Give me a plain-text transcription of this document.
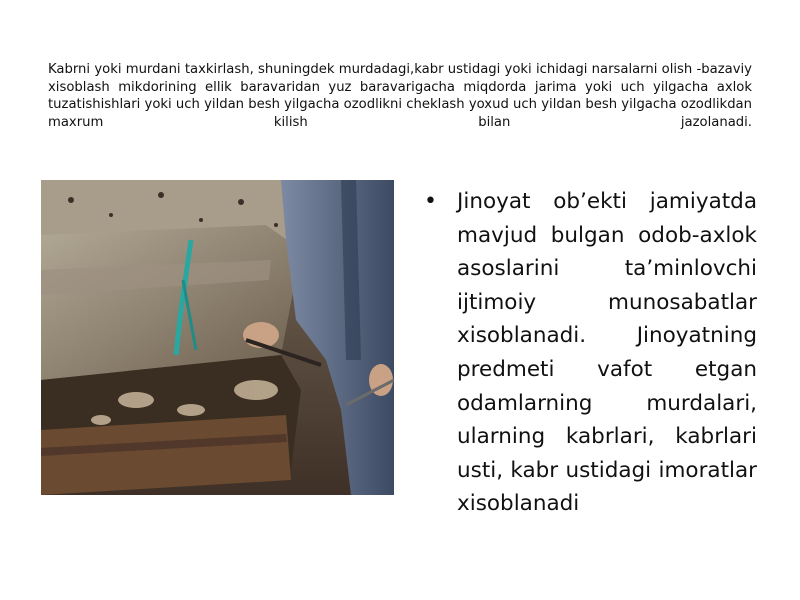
Kabrni yoki murdani taxkirlash, shuningdek murdadagi,kabr ustidagi yoki ichidagi narsalarni olish -bazaviy xisoblash mikdorining ellik baravaridan yuz baravarigacha miqdorda jarima yoki uch yilgacha axlok tuzatishishlari yoki uch yildan besh yilgacha ozodlikni cheklash yoxud uch yildan besh yilgacha ozodlikdan maxrum kilish bilan jazolanadi.
• Jinoyat ob’ekti jamiyatda mavjud bulgan odob-axlok asoslarini ta’minlovchi ijtimoiy munosabatlar xisoblanadi. Jinoyatning predmeti vafot etgan odamlarning murdalari, ularning kabrlari, kabrlari usti, kabr ustidagi imoratlar xisoblanadi
